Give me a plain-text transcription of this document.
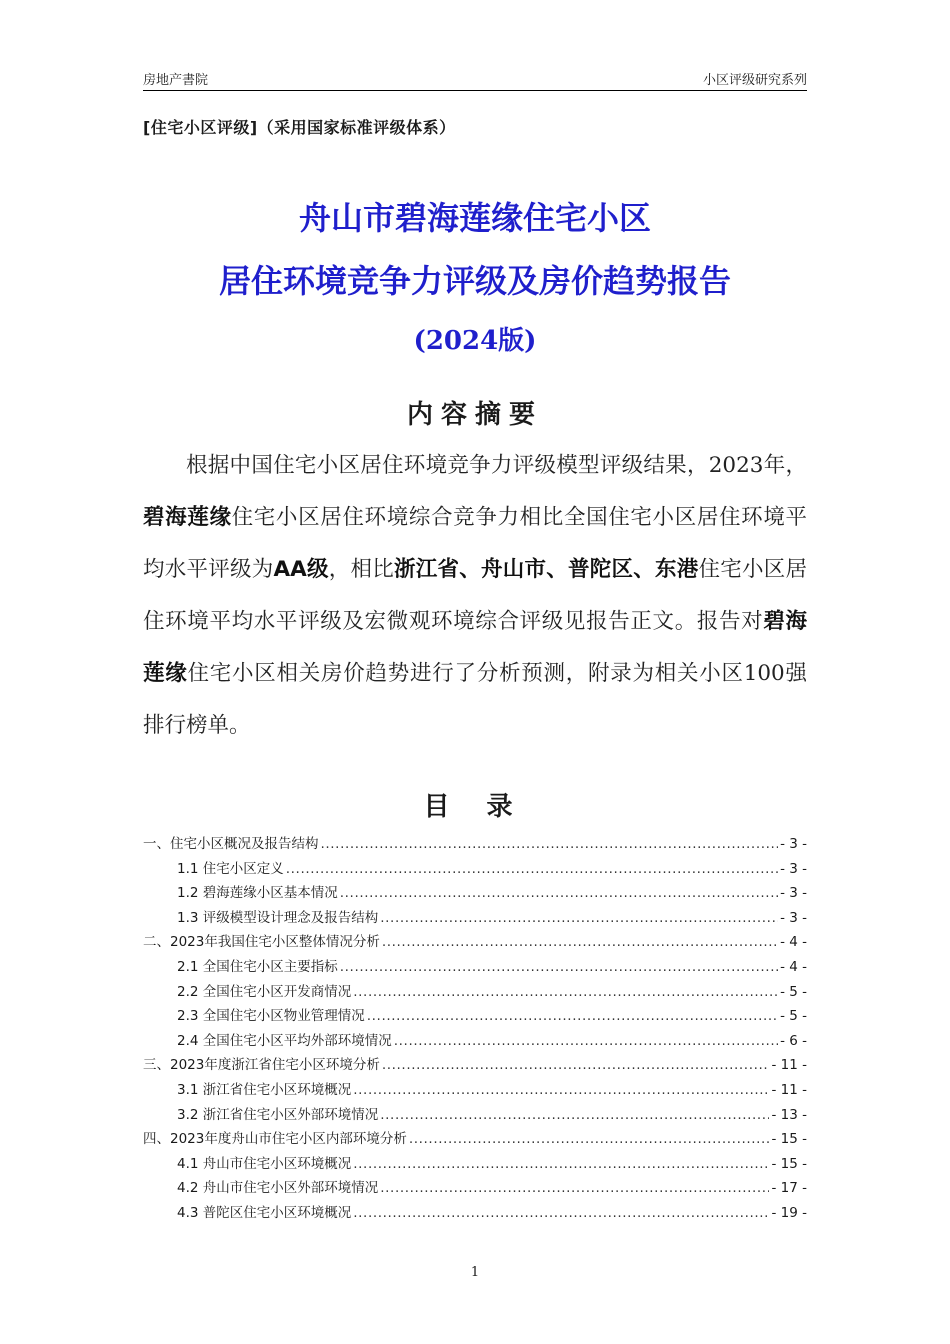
房地产書院	小区评级研究系列
[住宅小区评级]（采用国家标准评级体系）
舟山市碧海莲缘住宅小区
居住环境竞争力评级及房价趋势报告
(2024版)
内容摘要
根据中国住宅小区居住环境竞争力评级模型评级结果，2023年，碧海莲缘住宅小区居住环境综合竞争力相比全国住宅小区居住环境平均水平评级为AA级，相比浙江省、舟山市、普陀区、东港住宅小区居住环境平均水平评级及宏微观环境综合评级见报告正文。报告对碧海莲缘住宅小区相关房价趋势进行了分析预测，附录为相关小区100强排行榜单。
目 录
一、住宅小区概况及报告结构 .....	- 3 -
1.1 住宅小区定义 .....	- 3 -
1.2 碧海莲缘小区基本情况 .....	- 3 -
1.3 评级模型设计理念及报告结构 .....	- 3 -
二、2023年我国住宅小区整体情况分析 .....	- 4 -
2.1 全国住宅小区主要指标 .....	- 4 -
2.2 全国住宅小区开发商情况 .....	- 5 -
2.3 全国住宅小区物业管理情况 .....	- 5 -
2.4 全国住宅小区平均外部环境情况 .....	- 6 -
三、2023年度浙江省住宅小区环境分析 .....	- 11 -
3.1 浙江省住宅小区环境概况 .....	- 11 -
3.2 浙江省住宅小区外部环境情况 .....	- 13 -
四、2023年度舟山市住宅小区内部环境分析 .....	- 15 -
4.1 舟山市住宅小区环境概况 .....	- 15 -
4.2 舟山市住宅小区外部环境情况 .....	- 17 -
4.3 普陀区住宅小区环境概况 .....	- 19 -
1
